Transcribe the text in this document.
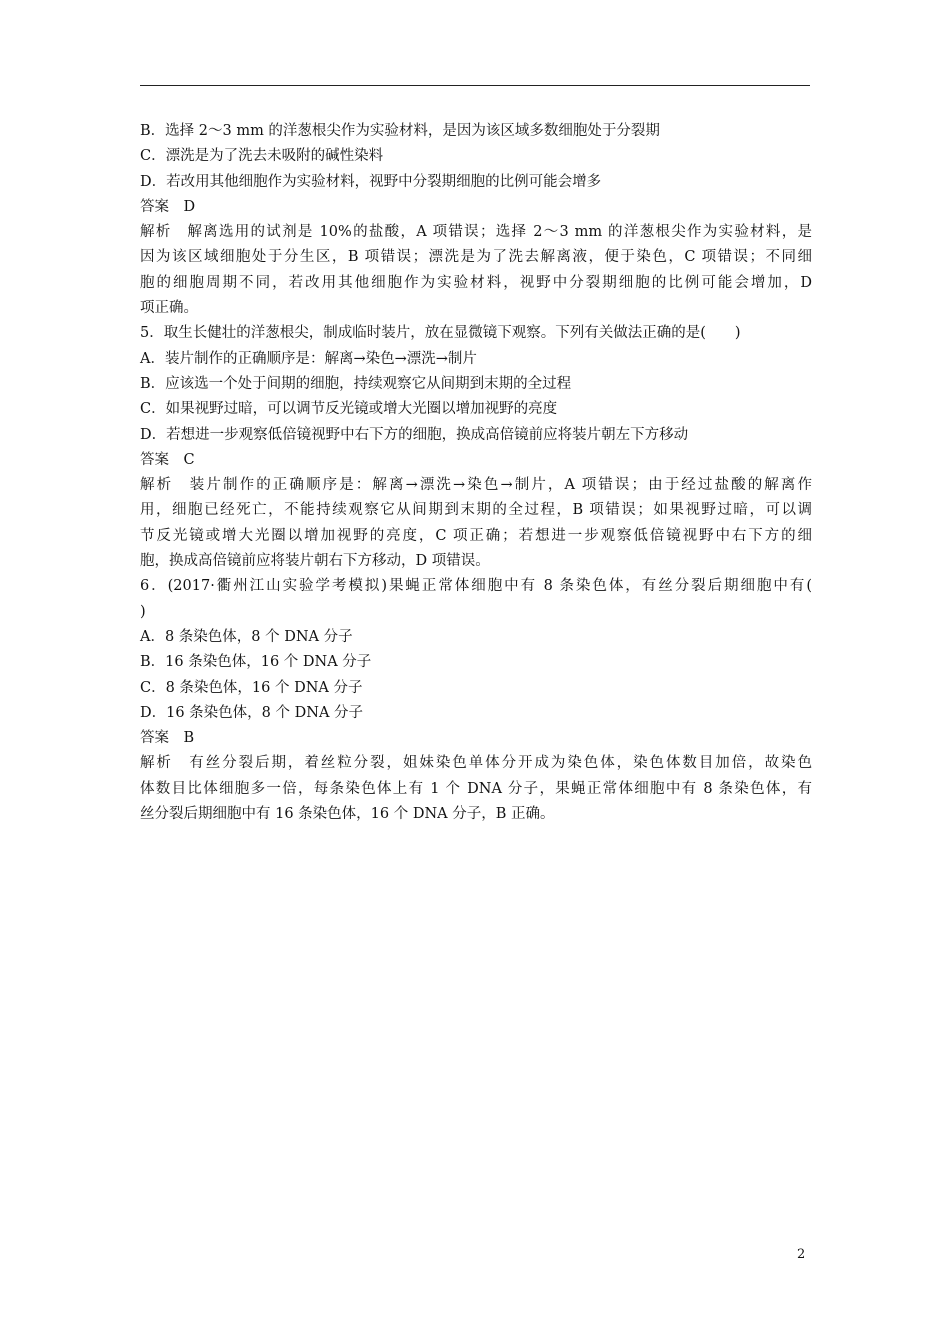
B．选择 2～3 mm 的洋葱根尖作为实验材料，是因为该区域多数细胞处于分裂期
C．漂洗是为了洗去未吸附的碱性染料
D．若改用其他细胞作为实验材料，视野中分裂期细胞的比例可能会增多
答案　D
解析　解离选用的试剂是 10%的盐酸，A 项错误；选择 2～3 mm 的洋葱根尖作为实验材料，是
因为该区域细胞处于分生区，B 项错误；漂洗是为了洗去解离液，便于染色，C 项错误；不同细
胞的细胞周期不同，若改用其他细胞作为实验材料，视野中分裂期细胞的比例可能会增加，D
项正确。
5．取生长健壮的洋葱根尖，制成临时装片，放在显微镜下观察。下列有关做法正确的是(　　)
A．装片制作的正确顺序是：解离→染色→漂洗→制片
B．应该选一个处于间期的细胞，持续观察它从间期到末期的全过程
C．如果视野过暗，可以调节反光镜或增大光圈以增加视野的亮度
D．若想进一步观察低倍镜视野中右下方的细胞，换成高倍镜前应将装片朝左下方移动
答案　C
解析　装片制作的正确顺序是：解离→漂洗→染色→制片，A 项错误；由于经过盐酸的解离作
用，细胞已经死亡，不能持续观察它从间期到末期的全过程，B 项错误；如果视野过暗，可以调
节反光镜或增大光圈以增加视野的亮度，C 项正确；若想进一步观察低倍镜视野中右下方的细
胞，换成高倍镜前应将装片朝右下方移动，D 项错误。
6．(2017·衢州江山实验学考模拟)果蝇正常体细胞中有 8 条染色体，有丝分裂后期细胞中有(
)
A．8 条染色体，8 个 DNA 分子
B．16 条染色体，16 个 DNA 分子
C．8 条染色体，16 个 DNA 分子
D．16 条染色体，8 个 DNA 分子
答案　B
解析　有丝分裂后期，着丝粒分裂，姐妹染色单体分开成为染色体，染色体数目加倍，故染色
体数目比体细胞多一倍，每条染色体上有 1 个 DNA 分子，果蝇正常体细胞中有 8 条染色体，有
丝分裂后期细胞中有 16 条染色体，16 个 DNA 分子，B 正确。
2
